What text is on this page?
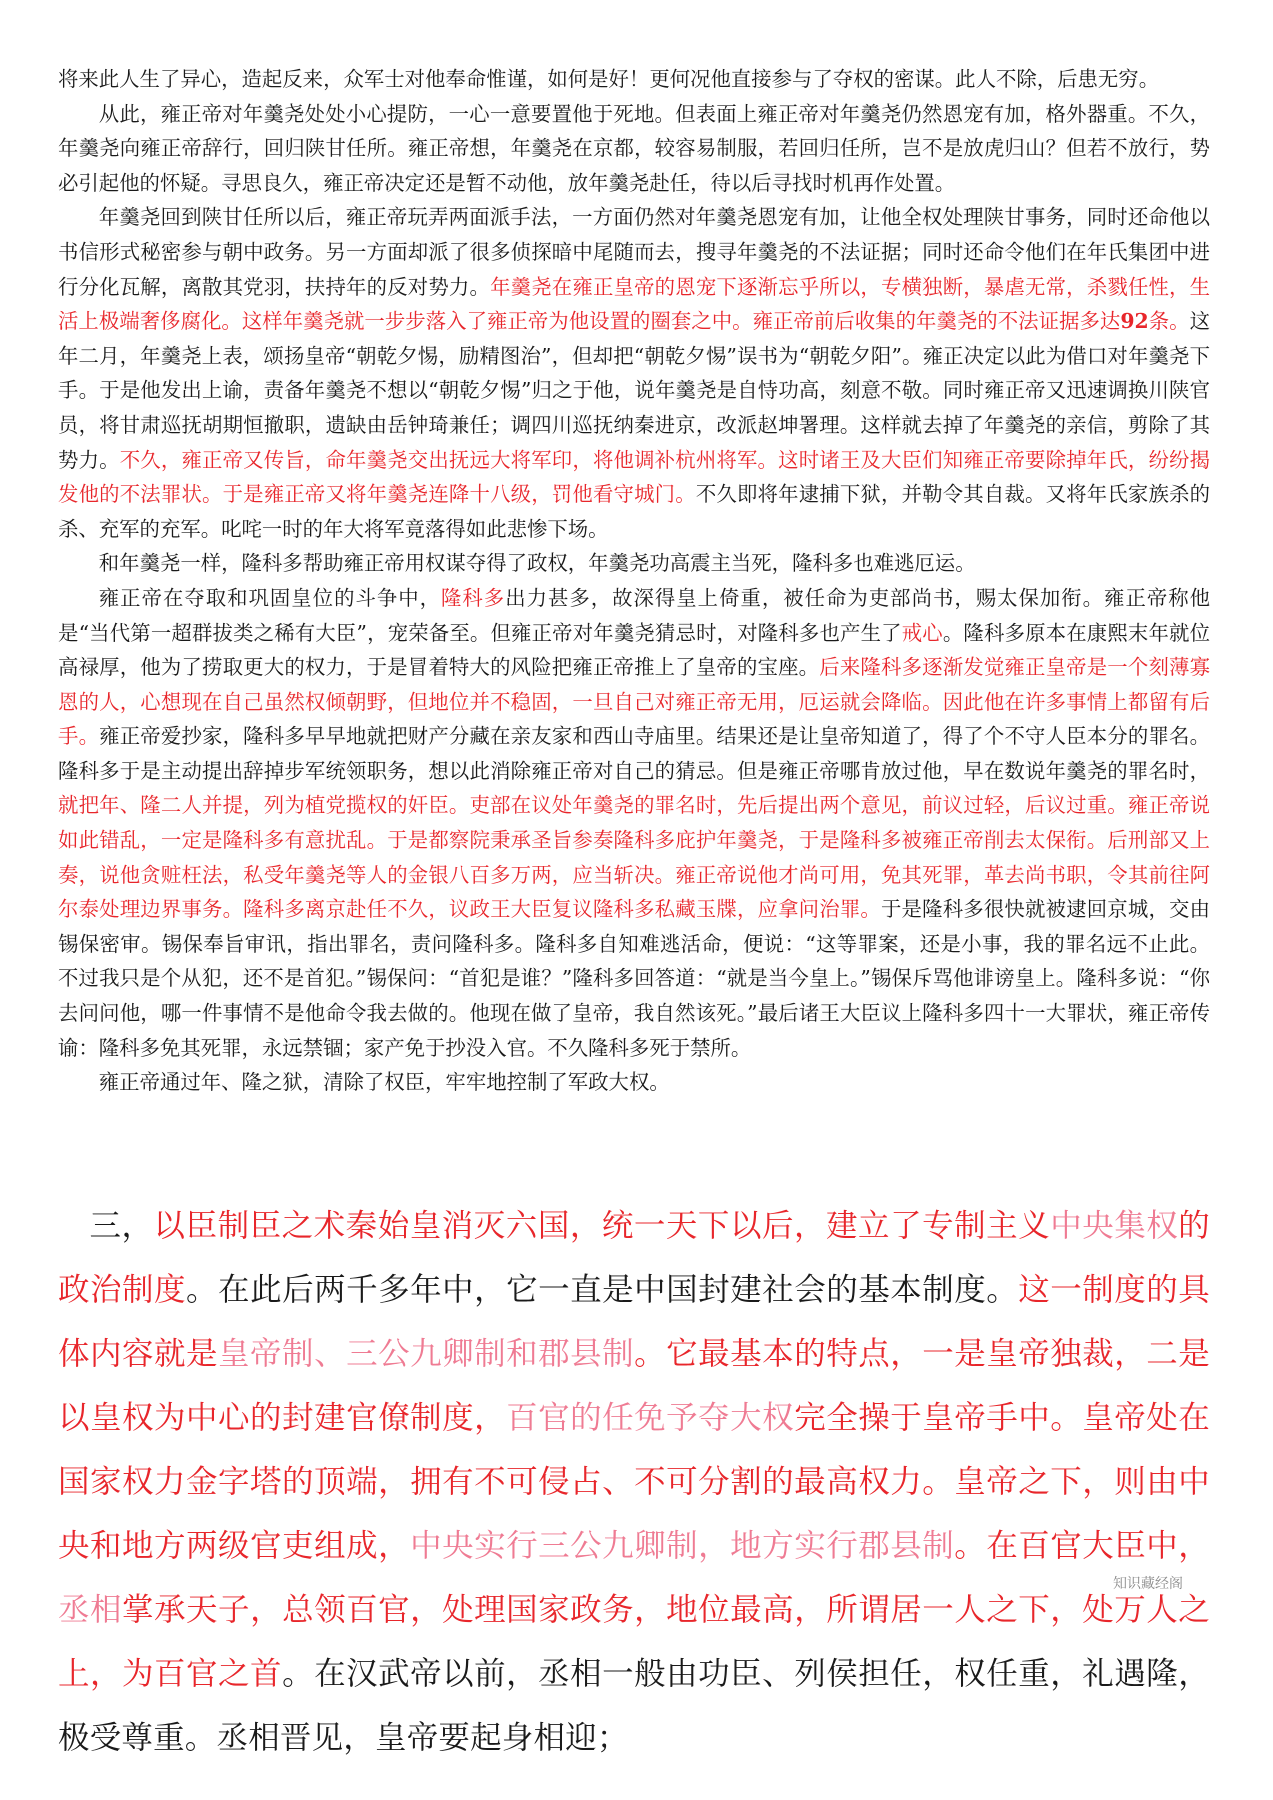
将来此人生了异心，造起反来，众军士对他奉命惟谨，如何是好！更何况他直接参与了夺权的密谋。此人不除，后患无穷。

从此，雍正帝对年羹尧处处小心提防，一心一意要置他于死地。但表面上雍正帝对年羹尧仍然恩宠有加，格外器重。不久，年羹尧向雍正帝辞行，回归陕甘任所。雍正帝想，年羹尧在京都，较容易制服，若回归任所，岂不是放虎归山？但若不放行，势必引起他的怀疑。寻思良久，雍正帝决定还是暂不动他，放年羹尧赴任，待以后寻找时机再作处置。

年羹尧回到陕甘任所以后，雍正帝玩弄两面派手法，一方面仍然对年羹尧恩宠有加，让他全权处理陕甘事务，同时还命他以书信形式秘密参与朝中政务。另一方面却派了很多侦探暗中尾随而去，搜寻年羹尧的不法证据；同时还命令他们在年氏集团中进行分化瓦解，离散其党羽，扶持年的反对势力。年羹尧在雍正皇帝的恩宠下逐渐忘乎所以，专横独断，暴虐无常，杀戮任性，生活上极端奢侈腐化。这样年羹尧就一步步落入了雍正帝为他设置的圈套之中。雍正帝前后收集的年羹尧的不法证据多达92条。这年二月，年羹尧上表，颂扬皇帝“朝乾夕惕，励精图治”，但却把“朝乾夕惕”误书为“朝乾夕阳”。雍正决定以此为借口对年羹尧下手。于是他发出上谕，责备年羹尧不想以“朝乾夕惕”归之于他，说年羹尧是自恃功高，刻意不敬。同时雍正帝又迅速调换川陕官员，将甘肃巡抚胡期恒撤职，遗缺由岳钟琦兼任；调四川巡抚纳秦进京，改派赵坤署理。这样就去掉了年羹尧的亲信，剪除了其势力。不久，雍正帝又传旨，命年羹尧交出抚远大将军印，将他调补杭州将军。这时诸王及大臣们知雍正帝要除掉年氏，纷纷揭发他的不法罪状。于是雍正帝又将年羹尧连降十八级，罚他看守城门。不久即将年逮捕下狱，并勒令其自裁。又将年氏家族杀的杀、充军的充军。叱咤一时的年大将军竟落得如此悲惨下场。

和年羹尧一样，隆科多帮助雍正帝用权谋夺得了政权，年羹尧功高震主当死，隆科多也难逃厄运。

雍正帝在夺取和巩固皇位的斗争中，隆科多出力甚多，故深得皇上倚重，被任命为吏部尚书，赐太保加衔。雍正帝称他是“当代第一超群拔类之稀有大臣”，宠荣备至。但雍正帝对年羹尧猜忌时，对隆科多也产生了戒心。隆科多原本在康熙末年就位高禄厚，他为了捞取更大的权力，于是冒着特大的风险把雍正帝推上了皇帝的宝座。后来隆科多逐渐发觉雍正皇帝是一个刻薄寡恩的人，心想现在自己虽然权倾朝野，但地位并不稳固，一旦自己对雍正帝无用，厄运就会降临。因此他在许多事情上都留有后手。雍正帝爱抄家，隆科多早早地就把财产分藏在亲友家和西山寺庙里。结果还是让皇帝知道了，得了个不守人臣本分的罪名。隆科多于是主动提出辞掉步军统领职务，想以此消除雍正帝对自己的猜忌。但是雍正帝哪肯放过他，早在数说年羹尧的罪名时，就把年、隆二人并提，列为植党揽权的奸臣。吏部在议处年羹尧的罪名时，先后提出两个意见，前议过轻，后议过重。雍正帝说如此错乱，一定是隆科多有意扰乱。于是都察院秉承圣旨参奏隆科多庇护年羹尧，于是隆科多被雍正帝削去太保衔。后刑部又上奏，说他贪赃枉法，私受年羹尧等人的金银八百多万两，应当斩决。雍正帝说他才尚可用，免其死罪，革去尚书职，令其前往阿尔泰处理边界事务。隆科多离京赴任不久，议政王大臣复议隆科多私藏玉牒，应拿问治罪。于是隆科多很快就被逮回京城，交由锡保密审。锡保奉旨审讯，指出罪名，责问隆科多。隆科多自知难逃活命，便说：“这等罪案，还是小事，我的罪名远不止此。不过我只是个从犯，还不是首犯。”锡保问：“首犯是谁？”隆科多回答道：“就是当今皇上。”锡保斥骂他诽谤皇上。隆科多说：“你去问问他，哪一件事情不是他命令我去做的。他现在做了皇帝，我自然该死。”最后诸王大臣议上隆科多四十一大罪状，雍正帝传谕：隆科多免其死罪，永远禁锢；家产免于抄没入官。不久隆科多死于禁所。

雍正帝通过年、隆之狱，清除了权臣，牢牢地控制了军政大权。

三，以臣制臣之术秦始皇消灭六国，统一天下以后，建立了专制主义中央集权的政治制度。在此后两千多年中，它一直是中国封建社会的基本制度。这一制度的具体内容就是皇帝制、三公九卿制和郡县制。它最基本的特点，一是皇帝独裁，二是以皇权为中心的封建官僚制度，百官的任免予夺大权完全操于皇帝手中。皇帝处在国家权力金字塔的顶端，拥有不可侵占、不可分割的最高权力。皇帝之下，则由中央和地方两级官吏组成，中央实行三公九卿制，地方实行郡县制。在百官大臣中，丞相掌承天子，总领百官，处理国家政务，地位最高，所谓居一人之下，处万人之上，为百官之首。在汉武帝以前，丞相一般由功臣、列侯担任，权任重，礼遇隆，极受尊重。丞相晋见，皇帝要起身相迎；

知识藏经阁
